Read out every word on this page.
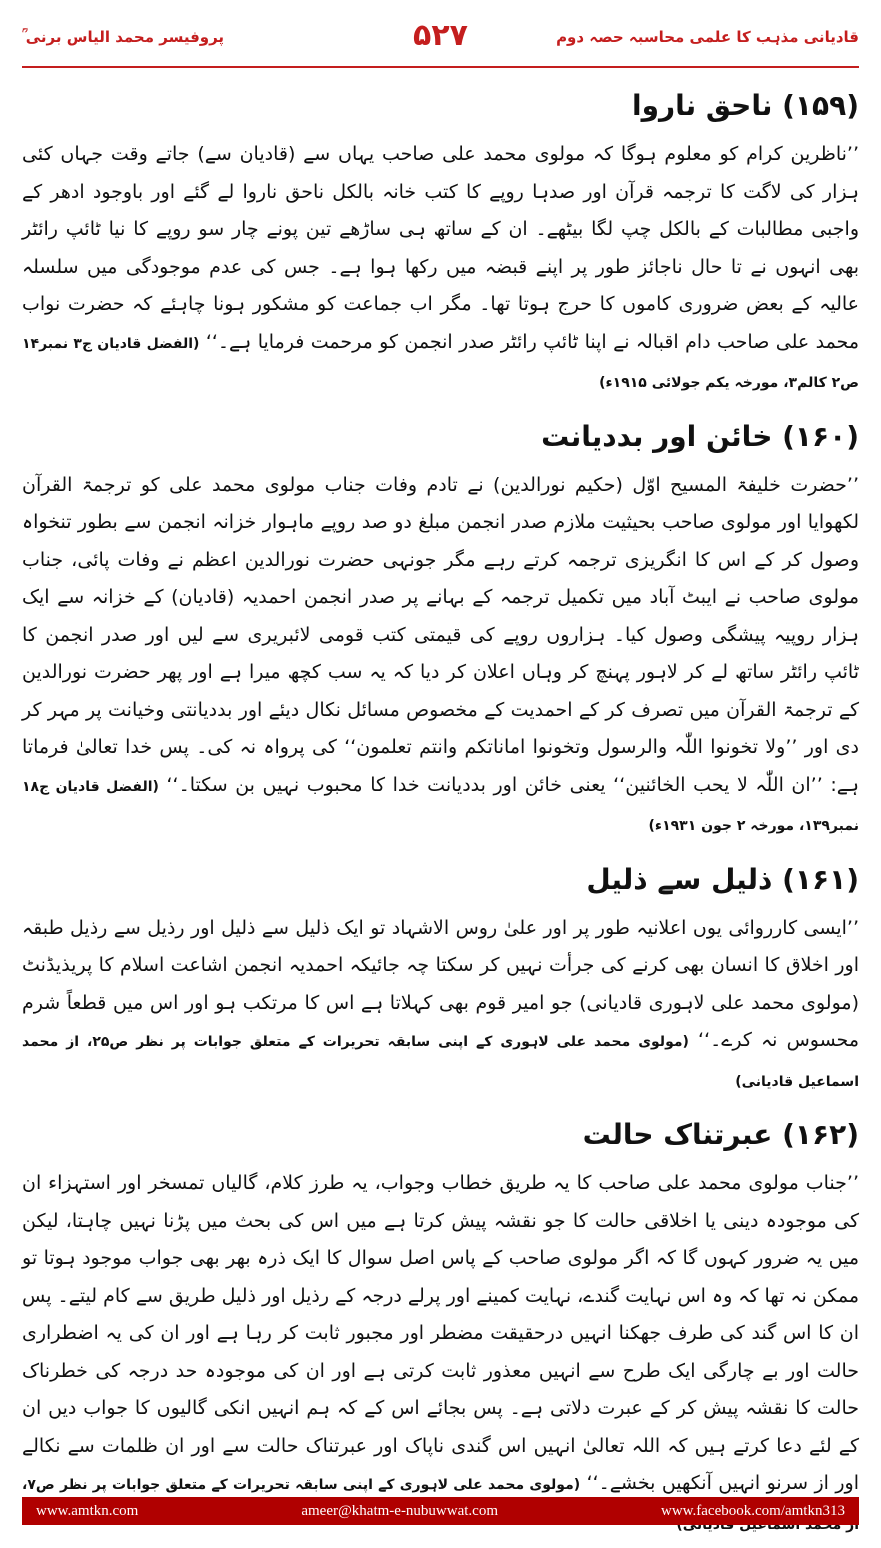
قادیانی مذہب کا علمی محاسبہ حصہ دوم
۵۲۷
پروفیسر محمد الیاس برنی ؒ
(۱۵۹) ناحق ناروا

’’ناظرین کرام کو معلوم ہوگا کہ مولوی محمد علی صاحب یہاں سے (قادیان سے) جاتے وقت جہاں کئی ہزار کی لاگت کا ترجمہ قرآن اور صدہا روپے کا کتب خانہ بالکل ناحق ناروا لے گئے اور باوجود ادھر کے واجبی مطالبات کے بالکل چپ لگا بیٹھے۔ ان کے ساتھ ہی ساڑھے تین پونے چار سو روپے کا نیا ٹائپ رائٹر بھی انہوں نے تا حال ناجائز طور پر اپنے قبضہ میں رکھا ہوا ہے۔ جس کی عدم موجودگی میں سلسلہ عالیہ کے بعض ضروری کاموں کا حرج ہوتا تھا۔ مگر اب جماعت کو مشکور ہونا چاہئے کہ حضرت نواب محمد علی صاحب دام اقبالہ نے اپنا ٹائپ رائٹر صدر انجمن کو مرحمت فرمایا ہے۔‘‘ (الفضل قادیان ج۳ نمبر۱۴ ص۲ کالم۳، مورخہ یکم جولائی ۱۹۱۵ء)

(۱۶۰) خائن اور بددیانت

’’حضرت خلیفۃ المسیح اوّل (حکیم نورالدین) نے تادم وفات جناب مولوی محمد علی کو ترجمۃ القرآن لکھوایا اور مولوی صاحب بحیثیت ملازم صدر انجمن مبلغ دو صد روپے ماہوار خزانہ انجمن سے بطور تنخواہ وصول کر کے اس کا انگریزی ترجمہ کرتے رہے مگر جونہی حضرت نورالدین اعظم نے وفات پائی، جناب مولوی صاحب نے ایبٹ آباد میں تکمیل ترجمہ کے بہانے پر صدر انجمن احمدیہ (قادیان) کے خزانہ سے ایک ہزار روپیہ پیشگی وصول کیا۔ ہزاروں روپے کی قیمتی کتب قومی لائبریری سے لیں اور صدر انجمن کا ٹائپ رائٹر ساتھ لے کر لاہور پہنچ کر وہاں اعلان کر دیا کہ یہ سب کچھ میرا ہے اور پھر حضرت نورالدین کے ترجمۃ القرآن میں تصرف کر کے احمدیت کے مخصوص مسائل نکال دیئے اور بددیانتی وخیانت پر مہر کر دی اور ’’ولا تخونوا اللّٰہ والرسول وتخونوا اماناتکم وانتم تعلمون‘‘ کی پرواہ نہ کی۔ پس خدا تعالیٰ فرماتا ہے: ’’ان اللّٰہ لا یحب الخائنین‘‘ یعنی خائن اور بددیانت خدا کا محبوب نہیں بن سکتا۔‘‘ (الفضل قادیان ج۱۸ نمبر۱۳۹، مورخہ ۲ جون ۱۹۳۱ء)

(۱۶۱) ذلیل سے ذلیل

’’ایسی کارروائی یوں اعلانیہ طور پر اور علیٰ روس الاشہاد تو ایک ذلیل سے ذلیل اور رذیل سے رذیل طبقہ اور اخلاق کا انسان بھی کرنے کی جرأت نہیں کر سکتا چہ جائیکہ احمدیہ انجمن اشاعت اسلام کا پریذیڈنٹ (مولوی محمد علی لاہوری قادیانی) جو امیر قوم بھی کہلاتا ہے اس کا مرتکب ہو اور اس میں قطعاً شرم محسوس نہ کرے۔‘‘ (مولوی محمد علی لاہوری کے اپنی سابقہ تحریرات کے متعلق جوابات پر نظر ص۲۵، از محمد اسماعیل قادیانی)

(۱۶۲) عبرتناک حالت

’’جناب مولوی محمد علی صاحب کا یہ طریق خطاب وجواب، یہ طرز کلام، گالیاں تمسخر اور استہزاء ان کی موجودہ دینی یا اخلاقی حالت کا جو نقشہ پیش کرتا ہے میں اس کی بحث میں پڑنا نہیں چاہتا، لیکن میں یہ ضرور کہوں گا کہ اگر مولوی صاحب کے پاس اصل سوال کا ایک ذرہ بھر بھی جواب موجود ہوتا تو ممکن نہ تھا کہ وہ اس نہایت گندے، نہایت کمینے اور پرلے درجہ کے رذیل اور ذلیل طریق سے کام لیتے۔ پس ان کا اس گند کی طرف جھکنا انہیں درحقیقت مضطر اور مجبور ثابت کر رہا ہے اور ان کی یہ اضطراری حالت اور بے چارگی ایک طرح سے انہیں معذور ثابت کرتی ہے اور ان کی موجودہ حد درجہ کی خطرناک حالت کا نقشہ پیش کر کے عبرت دلاتی ہے۔ پس بجائے اس کے کہ ہم انہیں انکی گالیوں کا جواب دیں ان کے لئے دعا کرتے ہیں کہ اللہ تعالیٰ انہیں اس گندی ناپاک اور عبرتناک حالت سے اور ان ظلمات سے نکالے اور از سرنو انہیں آنکھیں بخشے۔‘‘ (مولوی محمد علی لاہوری کے اپنی سابقہ تحریرات کے متعلق جوابات پر نظر ص۷،

www.amtkn.com	ameer@khatm-e-nubuwwat.com	www.facebook.com/amtkn313
